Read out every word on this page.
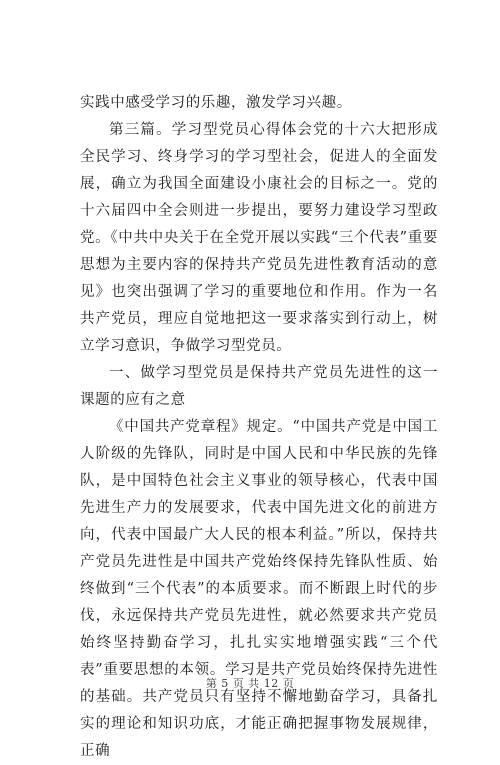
实践中感受学习的乐趣，激发学习兴趣。

第三篇。学习型党员心得体会党的十六大把形成全民学习、终身学习的学习型社会，促进人的全面发展，确立为我国全面建设小康社会的目标之一。党的十六届四中全会则进一步提出，要努力建设学习型政党。《中共中央关于在全党开展以实践“三个代表”重要思想为主要内容的保持共产党员先进性教育活动的意见》也突出强调了学习的重要地位和作用。作为一名共产党员，理应自觉地把这一要求落实到行动上，树立学习意识，争做学习型党员。

一、做学习型党员是保持共产党员先进性的这一课题的应有之意

《中国共产党章程》规定。“中国共产党是中国工人阶级的先锋队，同时是中国人民和中华民族的先锋队，是中国特色社会主义事业的领导核心，代表中国先进生产力的发展要求，代表中国先进文化的前进方向，代表中国最广大人民的根本利益。”所以，保持共产党员先进性是中国共产党始终保持先锋队性质、始终做到“三个代表”的本质要求。而不断跟上时代的步伐，永远保持共产党员先进性，就必然要求共产党员始终坚持勤奋学习，扎扎实实地增强实践“三个代表”重要思想的本领。学习是共产党员始终保持先进性的基础。共产党员只有坚持不懈地勤奋学习，具备扎实的理论和知识功底，才能正确把握事物发展规律，正确

第 5 页 共 12 页
